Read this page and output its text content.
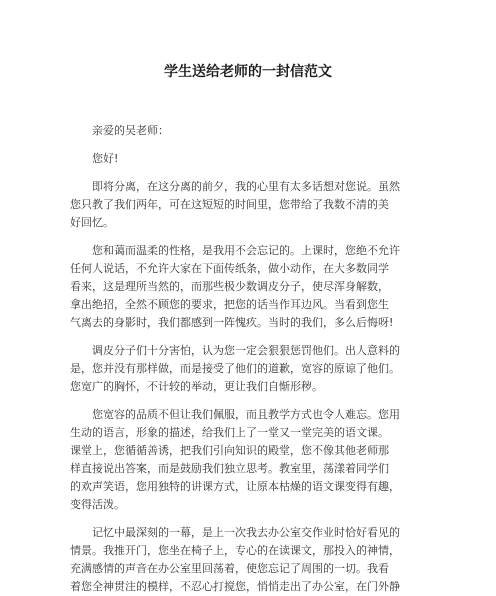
学生送给老师的一封信范文
亲爱的吴老师：
您好!
即将分离，在这分离的前夕，我的心里有太多话想对您说。虽然
您只教了我们两年，可在这短短的时间里，您带给了我数不清的美
好回忆。
您和蔼而温柔的性格，是我用不会忘记的。上课时，您绝不允许
任何人说话，不允许大家在下面传纸条，做小动作，在大多数同学
看来，这是理所当然的，而那些极少数调皮分子，使尽浑身解数，
拿出绝招，全然不顾您的要求，把您的话当作耳边风。当看到您生
气离去的身影时，我们都感到一阵愧疚。当时的我们，多么后悔呀!
调皮分子们十分害怕，认为您一定会狠狠惩罚他们。出人意料的
是，您并没有那样做，而是接受了他们的道歉，宽容的原谅了他们。
您宽广的胸怀，不计较的举动，更让我们自惭形秽。
您宽容的品质不但让我们佩服，而且教学方式也令人难忘。您用
生动的语言，形象的描述，给我们上了一堂又一堂完美的语文课。
课堂上，您循循善诱，把我们引向知识的殿堂，您不像其他老师那
样直接说出答案，而是鼓励我们独立思考。教室里，荡漾着同学们
的欢声笑语，您用独特的讲课方式，让原本枯燥的语文课变得有趣，
变得活泼。
记忆中最深刻的一幕，是上一次我去办公室交作业时恰好看见的
情景。我推开门，您坐在椅子上，专心的在读课文，那投入的神情，
充满感情的声音在办公室里回荡着，使您忘记了周围的一切。我看
着您全神贯注的模样，不忍心打搅您，悄悄走出了办公室，在门外静
